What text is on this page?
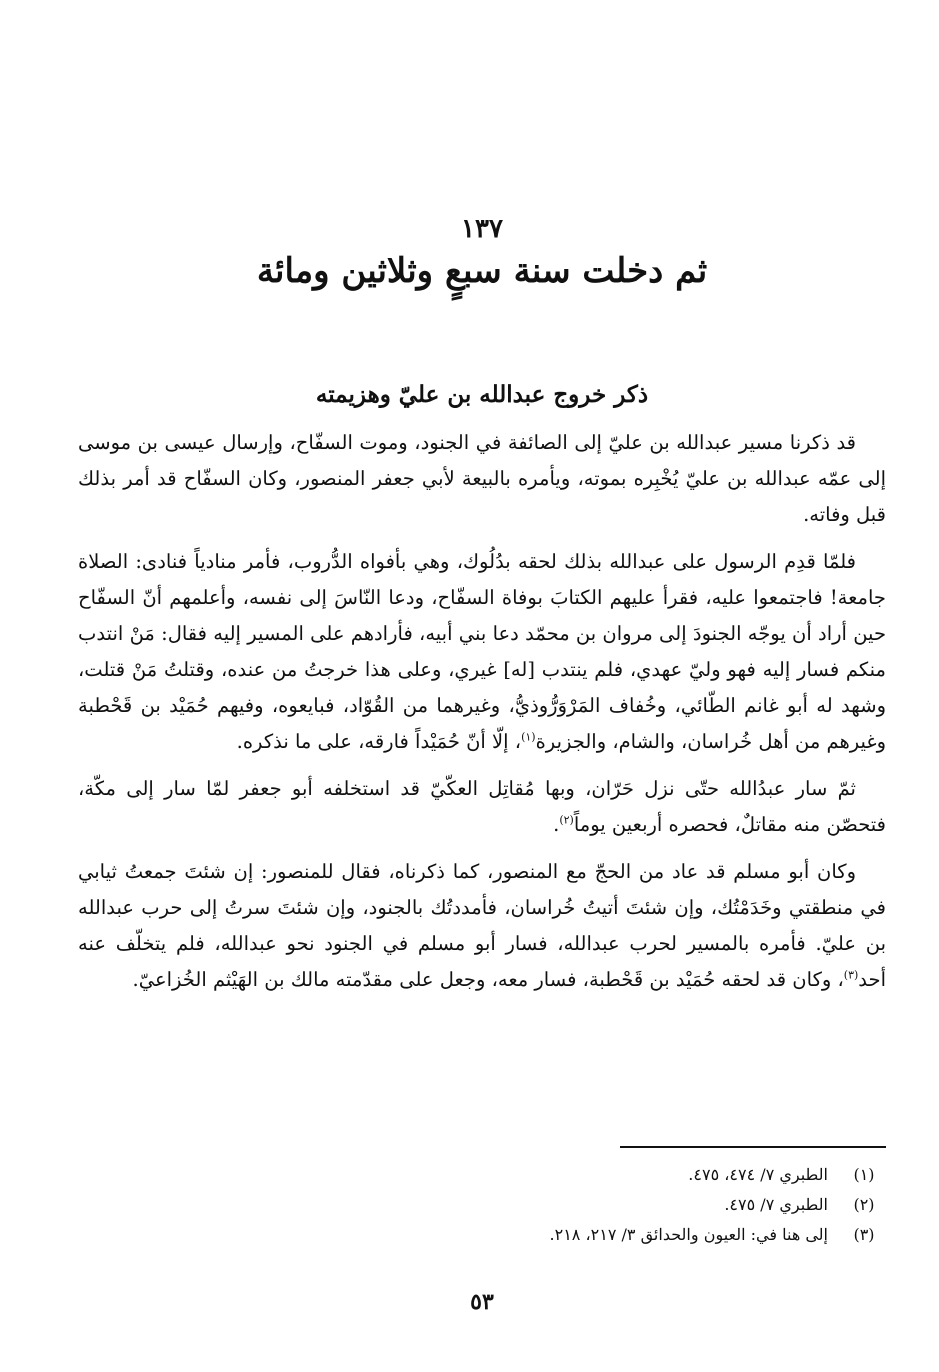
١٣٧
ثم دخلت سنة سبعٍ وثلاثين ومائة
ذكر خروج عبدالله بن عليّ وهزيمته

قد ذكرنا مسير عبدالله بن عليّ إلى الصائفة في الجنود، وموت السفّاح، وإرسال عيسى بن موسى إلى عمّه عبدالله بن عليّ يُخْبِره بموته، ويأمره بالبيعة لأبي جعفر المنصور، وكان السفّاح قد أمر بذلك قبل وفاته.

فلمّا قدِم الرسول على عبدالله بذلك لحقه بدُلُوك، وهي بأفواه الدُّروب، فأمر منادياً فنادى: الصلاة جامعة! فاجتمعوا عليه، فقرأ عليهم الكتابَ بوفاة السفّاح، ودعا النّاسَ إلى نفسه، وأعلمهم أنّ السفّاح حين أراد أن يوجّه الجنودَ إلى مروان بن محمّد دعا بني أبيه، فأرادهم على المسير إليه فقال: مَنْ انتدب منكم فسار إليه فهو وليّ عهدي، فلم ينتدب [له] غيري، وعلى هذا خرجتُ من عنده، وقتلتُ مَنْ قتلت، وشهد له أبو غانم الطّائي، وخُفاف المَرْوَرُّوذيُّ، وغيرهما من القُوّاد، فبايعوه، وفيهم حُمَيْد بن قَحْطبة وغيرهم من أهل خُراسان، والشام، والجزيرة$^{(١)}$، إلّا أنّ حُمَيْداً فارقه، على ما نذكره.

ثمّ سار عبدُالله حتّى نزل حَرّان، وبها مُقاتِل العكّيّ قد استخلفه أبو جعفر لمّا سار إلى مكّة، فتحصّن منه مقاتلٌ، فحصره أربعين يوماً$^{(٢)}$.

وكان أبو مسلم قد عاد من الحجّ مع المنصور، كما ذكرناه، فقال للمنصور: إن شئتَ جمعتُ ثيابي في منطقتي وخَدَمْتُك، وإن شئتَ أتيتُ خُراسان، فأمددتُك بالجنود، وإن شئتَ سرتُ إلى حرب عبدالله بن عليّ. فأمره بالمسير لحرب عبدالله، فسار أبو مسلم في الجنود نحو عبدالله، فلم يتخلّف عنه أحد$^{(٣)}$، وكان قد لحقه حُمَيْد بن قَحْطبة، فسار معه، وجعل على مقدّمته مالك بن الهَيْثم الخُزاعيّ.

(١)
الطبري ٧/ ٤٧٤، ٤٧٥.
(٢)
الطبري ٧/ ٤٧٥.
(٣)
إلى هنا في: العيون والحدائق ٣/ ٢١٧، ٢١٨.
٥٣
